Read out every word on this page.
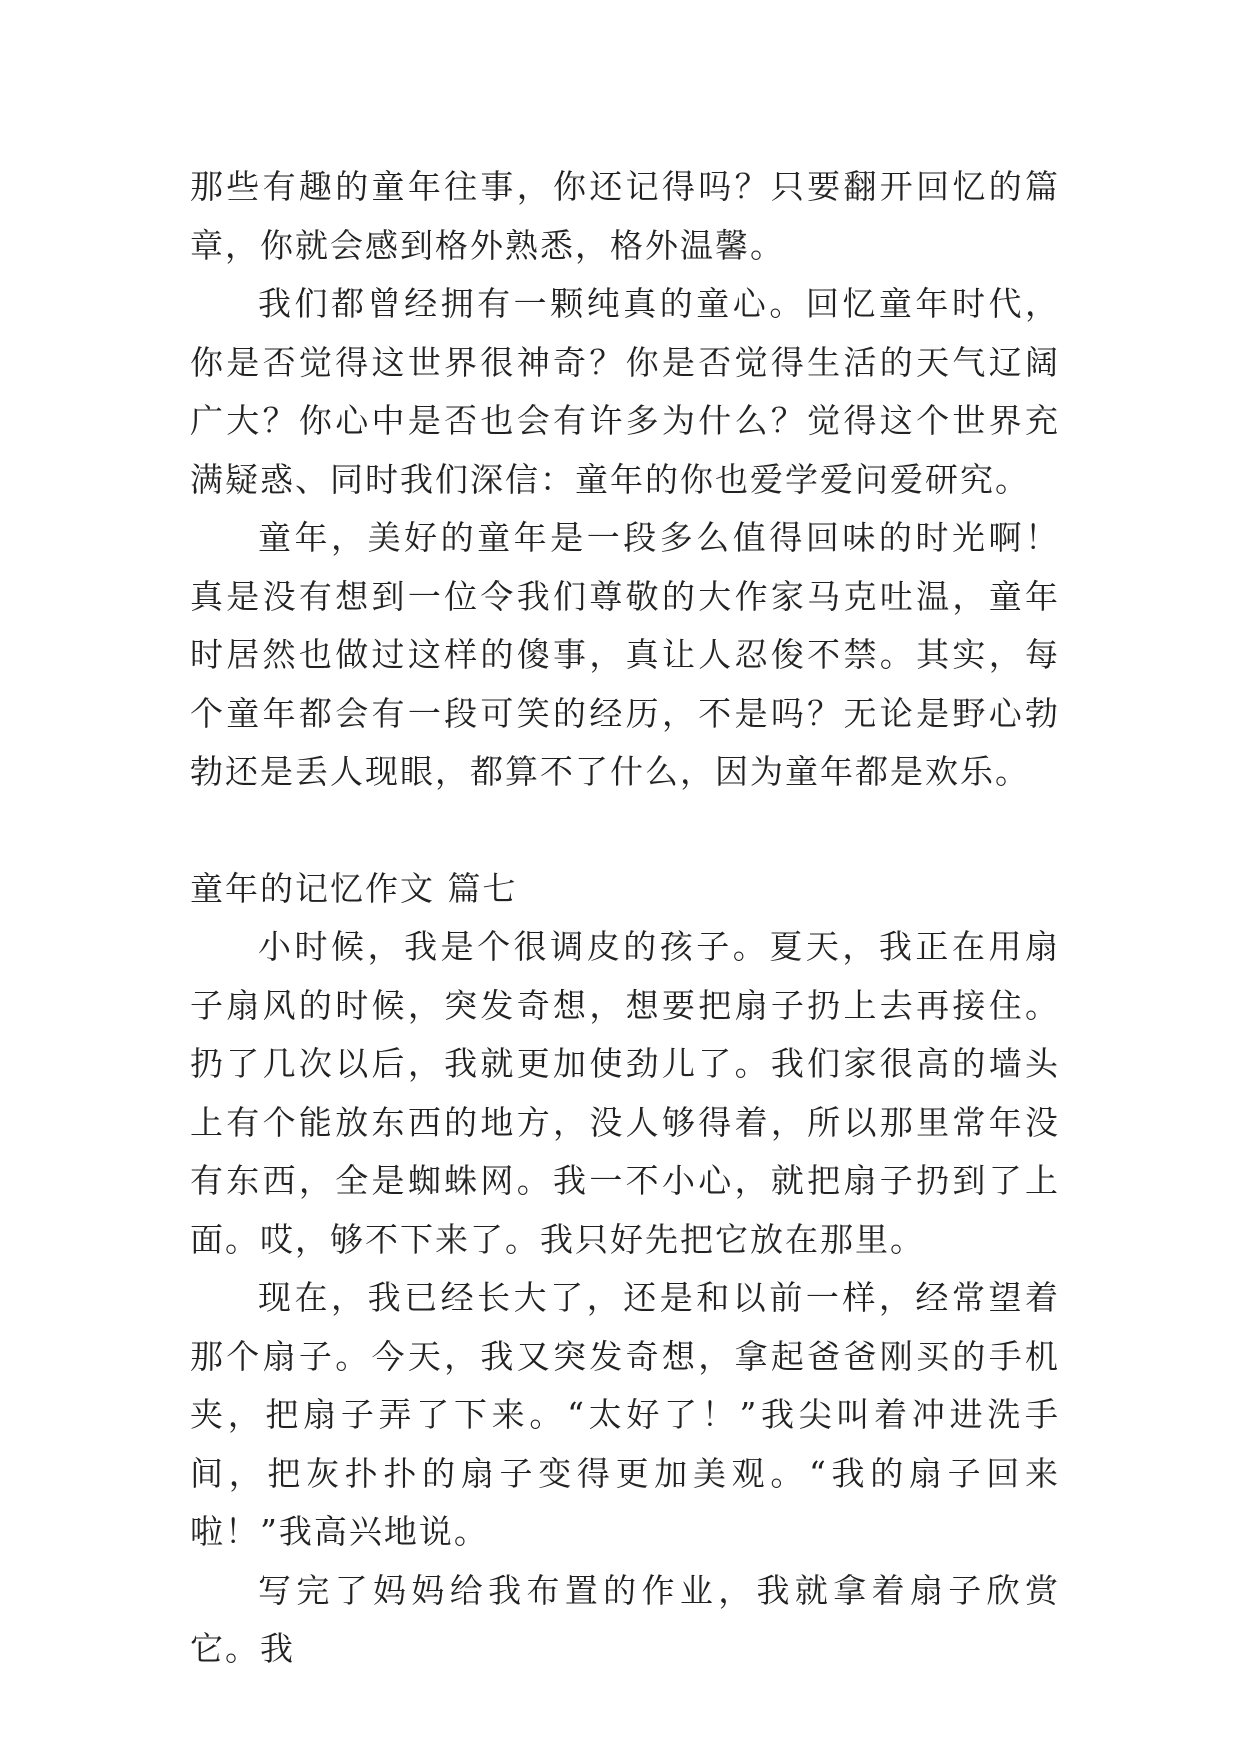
那些有趣的童年往事，你还记得吗？只要翻开回忆的篇章，你就会感到格外熟悉，格外温馨。

我们都曾经拥有一颗纯真的童心。回忆童年时代，你是否觉得这世界很神奇？你是否觉得生活的天气辽阔广大？你心中是否也会有许多为什么？觉得这个世界充满疑惑、同时我们深信：童年的你也爱学爱问爱研究。

童年，美好的童年是一段多么值得回味的时光啊！真是没有想到一位令我们尊敬的大作家马克吐温，童年时居然也做过这样的傻事，真让人忍俊不禁。其实，每个童年都会有一段可笑的经历，不是吗？无论是野心勃勃还是丢人现眼，都算不了什么，因为童年都是欢乐。

童年的记忆作文 篇七

小时候，我是个很调皮的孩子。夏天，我正在用扇子扇风的时候，突发奇想，想要把扇子扔上去再接住。扔了几次以后，我就更加使劲儿了。我们家很高的墙头上有个能放东西的地方，没人够得着，所以那里常年没有东西，全是蜘蛛网。我一不小心，就把扇子扔到了上面。哎，够不下来了。我只好先把它放在那里。

现在，我已经长大了，还是和以前一样，经常望着那个扇子。今天，我又突发奇想，拿起爸爸刚买的手机夹，把扇子弄了下来。“太好了！”我尖叫着冲进洗手间，把灰扑扑的扇子变得更加美观。“我的扇子回来啦！”我高兴地说。

写完了妈妈给我布置的作业，我就拿着扇子欣赏它。我
